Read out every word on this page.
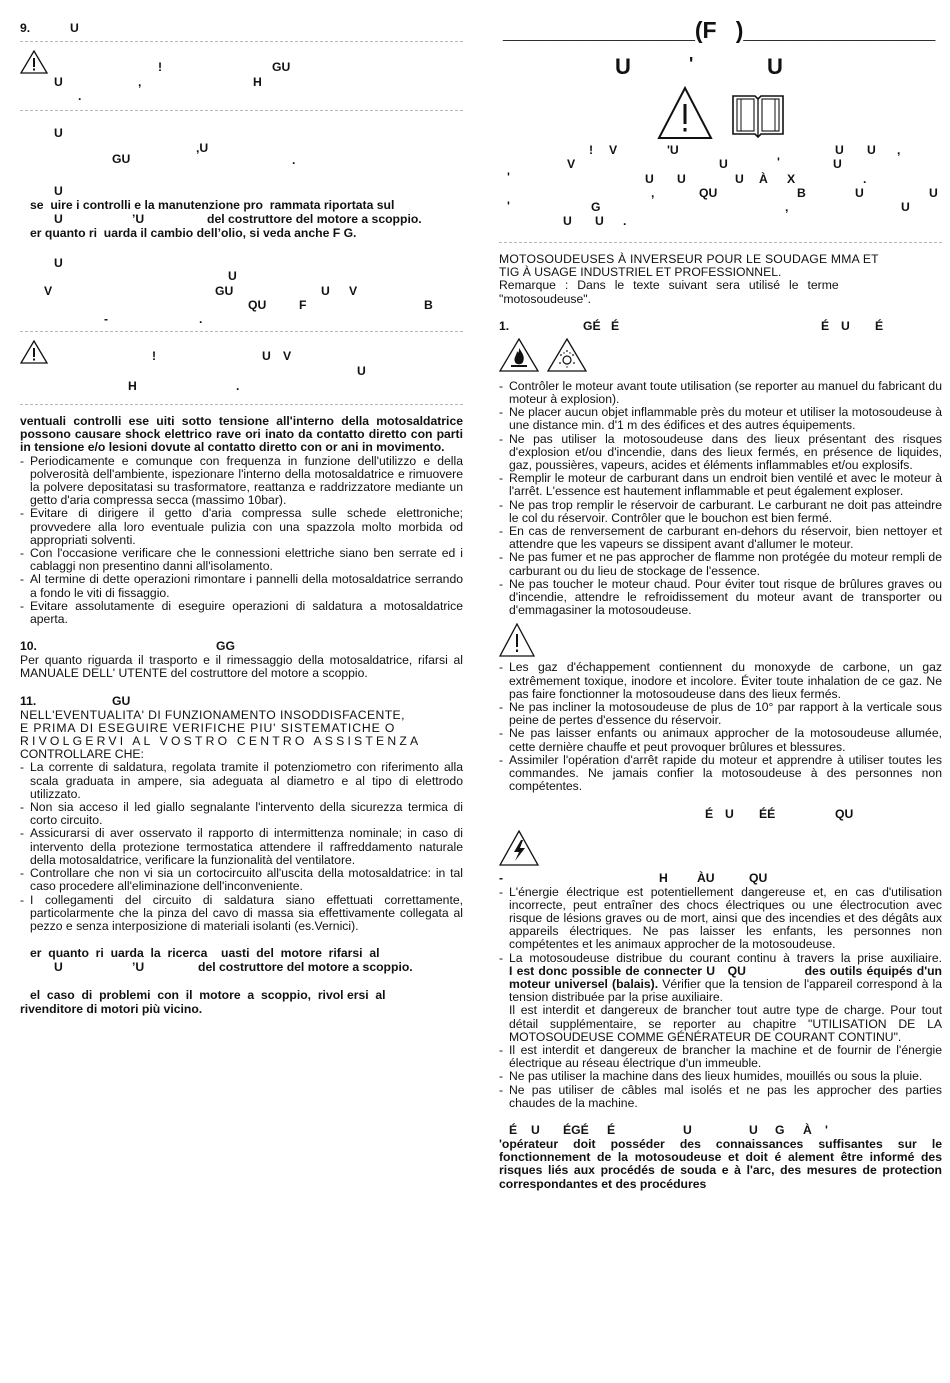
9.	U
!	GU
U	,	H
.
U
,U
GU	.
U
se  uire i controlli e la manutenzione pro  rammata riportata sul
U	’U	del costruttore del motore a scoppio.
er quanto ri  uarda il cambio dell’olio, si veda anche F G.
U
U
V	GU	U V
QU	F	B
-	.
!	U V
U
H	.

ventuali controlli ese uiti sotto tensione all'interno della motosaldatrice possono causare shock elettrico rave ori inato da contatto diretto con parti in tensione e/o lesioni dovute al contatto diretto con or ani in movimento.

- Periodicamente e comunque con frequenza in funzione dell'utilizzo e della polverosità dell'ambiente, ispezionare l'interno della motosaldatrice e rimuovere la polvere depositatasi su trasformatore, reattanza e raddrizzatore mediante un getto d'aria compressa secca (massimo 10bar).
- Evitare di dirigere il getto d'aria compressa sulle schede elettroniche; provvedere alla loro eventuale pulizia con una spazzola molto morbida od appropriati solventi.
- Con l'occasione verificare che le connessioni elettriche siano ben serrate ed i cablaggi non presentino danni all'isolamento.
- Al termine di dette operazioni rimontare i pannelli della motosaldatrice serrando a fondo le viti di fissaggio.
- Evitare assolutamente di eseguire operazioni di saldatura a motosaldatrice aperta.
10.	GG

Per quanto riguarda il trasporto e il rimessaggio della motosaldatrice, rifarsi al MANUALE DELL' UTENTE del costruttore del motore a scoppio.

11.	GU
NELL'EVENTUALITA' DI FUNZIONAMENTO INSODDISFACENTE,
E PRIMA DI ESEGUIRE VERIFICHE PIU' SISTEMATICHE O
RIVOLGERVI AL VOSTRO CENTRO ASSISTENZA
CONTROLLARE CHE:
- La corrente di saldatura, regolata tramite il potenziometro con riferimento alla scala graduata in ampere, sia adeguata al diametro e al tipo di elettrodo utilizzato.
- Non sia acceso il led giallo segnalante l'intervento della sicurezza termica di corto circuito.
- Assicurarsi di aver osservato il rapporto di intermittenza nominale; in caso di intervento della protezione termostatica attendere il raffreddamento naturale della motosaldatrice, verificare la funzionalità del ventilatore.
- Controllare che non vi sia un cortocircuito all'uscita della motosaldatrice: in tal caso procedere all'eliminazione dell'inconveniente.
- I collegamenti del circuito di saldatura siano effettuati correttamente, particolarmente che la pinza del cavo di massa sia effettivamente collegata al pezzo e senza interposizione di materiali isolanti (es.Vernici).
er  quanto  ri  uarda  la  ricerca    uasti  del  motore  rifarsi  al
U	’U	del costruttore del motore a scoppio.
el  caso  di  problemi  con  il  motore  a  scoppio,  rivol ersi  al
rivenditore di motori più vicino.
_______________(F   )_______________
U	'	U
! V	'U	U U ,
V	U	'	U
'	U U	U À X	.
,	QU	B	U	U
'	G	,	U
U U .
MOTOSOUDEUSES À INVERSEUR POUR LE SOUDAGE MMA ET
TIG À USAGE INDUSTRIEL ET PROFESSIONNEL.
Remarque : Dans le texte suivant sera utilisé le terme
"motosoudeuse".
1.	GÉ É	É U É
- Contrôler le moteur avant toute utilisation (se reporter au manuel du fabricant du moteur à explosion).
- Ne placer aucun objet inflammable près du moteur et utiliser la motosoudeuse à une distance min. d'1 m des édifices et des autres équipements.
- Ne pas utiliser la motosoudeuse dans des lieux présentant des risques d'explosion et/ou d'incendie, dans des lieux fermés, en présence de liquides, gaz, poussières, vapeurs, acides et éléments inflammables et/ou explosifs.
- Remplir le moteur de carburant dans un endroit bien ventilé et avec le moteur à l'arrêt. L'essence est hautement inflammable et peut également exploser.
- Ne pas trop remplir le réservoir de carburant. Le carburant ne doit pas atteindre le col du réservoir. Contrôler que le bouchon est bien fermé.
- En cas de renversement de carburant en-dehors du réservoir, bien nettoyer et attendre que les vapeurs se dissipent avant d'allumer le moteur.
- Ne pas fumer et ne pas approcher de flamme non protégée du moteur rempli de carburant ou du lieu de stockage de l'essence.
- Ne pas toucher le moteur chaud. Pour éviter tout risque de brûlures graves ou d'incendie, attendre le refroidissement du moteur avant de transporter ou d'emmagasiner la motosoudeuse.
- Les gaz d'échappement contiennent du monoxyde de carbone, un gaz extrêmement toxique, inodore et incolore. Éviter toute inhalation de ce gaz. Ne pas faire fonctionner la motosoudeuse dans des lieux fermés.
- Ne pas incliner la motosoudeuse de plus de 10° par rapport à la verticale sous peine de pertes d'essence du réservoir.
- Ne pas laisser enfants ou animaux approcher de la motosoudeuse allumée, cette dernière chauffe et peut provoquer brûlures et blessures.
- Assimiler l'opération d'arrêt rapide du moteur et apprendre à utiliser toutes les commandes. Ne jamais confier la motosoudeuse à des personnes non compétentes.
É U ÉÉ	QU
-	H ÀU	QU
- L'énergie électrique est potentiellement dangereuse et, en cas d'utilisation incorrecte, peut entraîner des chocs électriques ou une électrocution avec risque de lésions graves ou de mort, ainsi que des incendies et des dégâts aux appareils électriques. Ne pas laisser les enfants, les personnes non compétentes et les animaux approcher de la motosoudeuse.
- La motosoudeuse distribue du courant continu à travers la prise auxiliaire. I est donc possible de connecter U   QU              des outils équipés d'un moteur universel (balais). Vérifier que la tension de l'appareil correspond à la tension distribuée par la prise auxiliaire.
Il est interdit et dangereux de brancher tout autre type de charge. Pour tout détail supplémentaire, se reporter au chapitre "UTILISATION DE LA MOTOSOUDEUSE COMME GÉNÉRATEUR DE COURANT CONTINU".
- Il est interdit et dangereux de brancher la machine et de fournir de l'énergie électrique au réseau électrique d'un immeuble.
- Ne pas utiliser la machine dans des lieux humides, mouillés ou sous la pluie.
- Ne pas utiliser de câbles mal isolés et ne pas les approcher des parties chaudes de la machine.
É U ÉGÉ É	U	U G À '

'opérateur doit posséder des connaissances suffisantes sur le fonctionnement de la motosoudeuse et doit é alement être informé des risques liés aux procédés de souda e à l'arc, des mesures de protection correspondantes et des procédures
